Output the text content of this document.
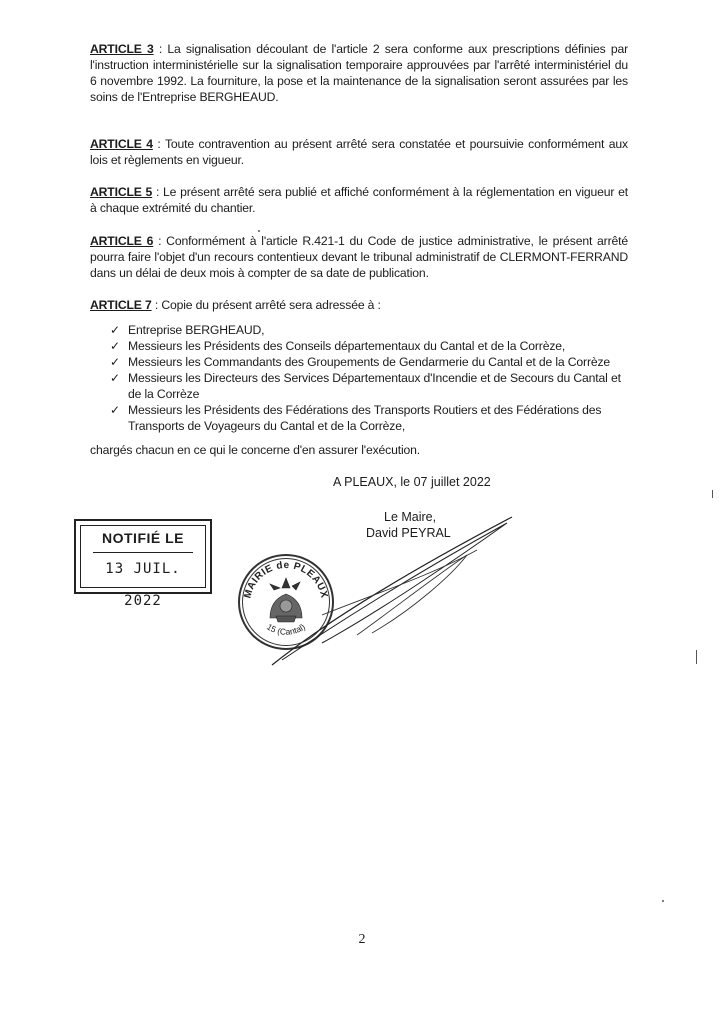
ARTICLE 3 : La signalisation découlant de l'article 2 sera conforme aux prescriptions définies par l'instruction interministérielle sur la signalisation temporaire approuvées par l'arrêté interministériel du 6 novembre 1992. La fourniture, la pose et la maintenance de la signalisation seront assurées par les soins de l'Entreprise BERGHEAUD.

ARTICLE 4 : Toute contravention au présent arrêté sera constatée et poursuivie conformément aux lois et règlements en vigueur.

ARTICLE 5 : Le présent arrêté sera publié et affiché conformément à la réglementation en vigueur et à chaque extrémité du chantier.

ARTICLE 6 : Conformément à l'article R.421-1 du Code de justice administrative, le présent arrêté pourra faire l'objet d'un recours contentieux devant le tribunal administratif de CLERMONT-FERRAND dans un délai de deux mois à compter de sa date de publication.

ARTICLE 7 : Copie du présent arrêté sera adressée à :

✓ Entreprise BERGHEAUD,
✓ Messieurs les Présidents des Conseils départementaux du Cantal et de la Corrèze,
✓ Messieurs les Commandants des Groupements de Gendarmerie du Cantal et de la Corrèze
✓ Messieurs les Directeurs des Services Départementaux d'Incendie et de Secours du Cantal et de la Corrèze
✓ Messieurs les Présidents des Fédérations des Transports Routiers et des Fédérations des Transports de Voyageurs du Cantal et de la Corrèze,
chargés chacun en ce qui le concerne d'en assurer l'exécution.
A PLEAUX, le 07 juillet 2022
Le Maire,
David PEYRAL
NOTIFIÉ LE
13 JUIL. 2022	MAIRIE de PLEAUX
15 (Cantal)
2
